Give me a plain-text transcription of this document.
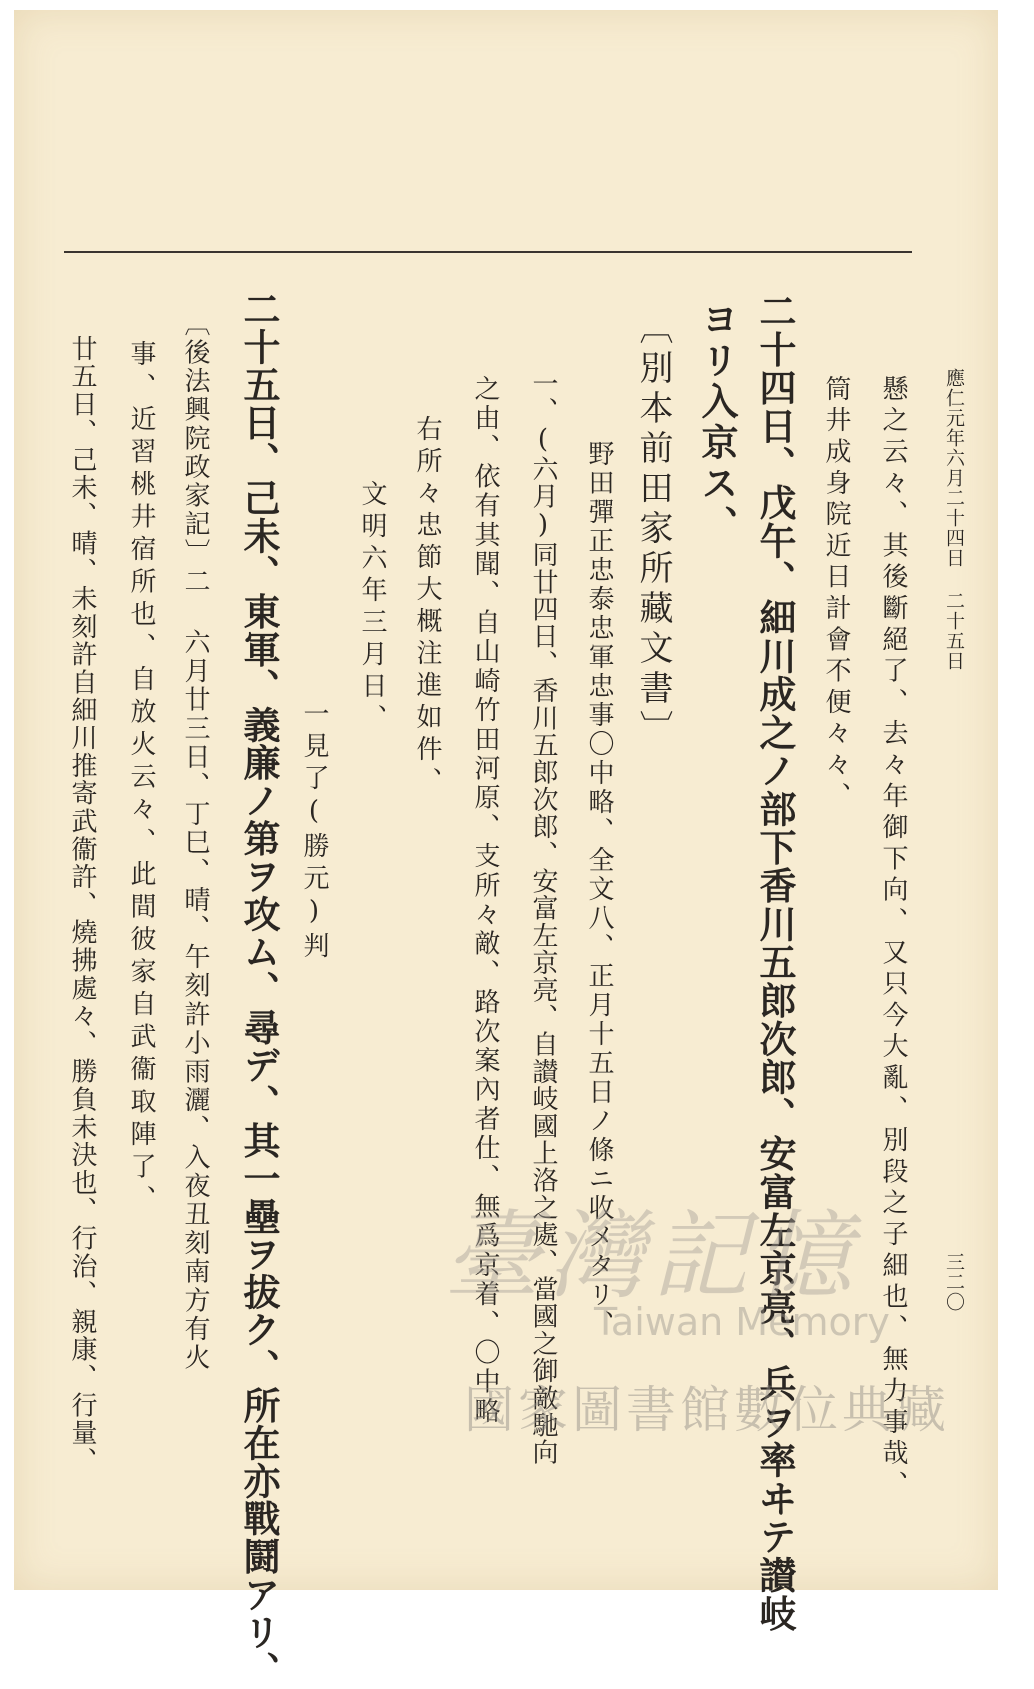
應仁元年六月二十四日 二十五日
三二〇
懸之云々、其後斷絕了、去々年御下向、又只今大亂、別段之子細也、無力事哉、
筒井成身院近日計會不便々々、
二十四日、戊午、細川成之ノ部下香川五郎次郎、安富左京亮、兵ヲ率ヰテ讃岐
ヨリ入京ス、
〔別本前田家所藏文書〕
野田彈正忠泰忠軍忠事〇中略、全文八、正月十五日ノ條ニ收メタリ、
一、(六月)同廿四日、香川五郎次郎、安富左京亮、自讃岐國上洛之處、當國之御敵馳向
之由、依有其聞、自山崎竹田河原、支所々敵、路次案內者仕、無爲京着、〇中略
右所々忠節大概注進如件、
文明六年三月日、
一見了(勝元)判
二十五日、己未、東軍、義廉ノ第ヲ攻ム、尋デ、其一壘ヲ拔ク、所在亦戰鬪アリ、
〔後法興院政家記〕二 六月廿三日、丁巳、晴、午刻許小雨灑、入夜丑刻南方有火
事、近習桃井宿所也、自放火云々、此間彼家自武衞取陣了、
廿五日、己未、晴、未刻許自細川推寄武衞許、燒拂處々、勝負未決也、行治、親康、行量、	臺灣記憶
Taiwan Memory
國家圖書館數位典藏
